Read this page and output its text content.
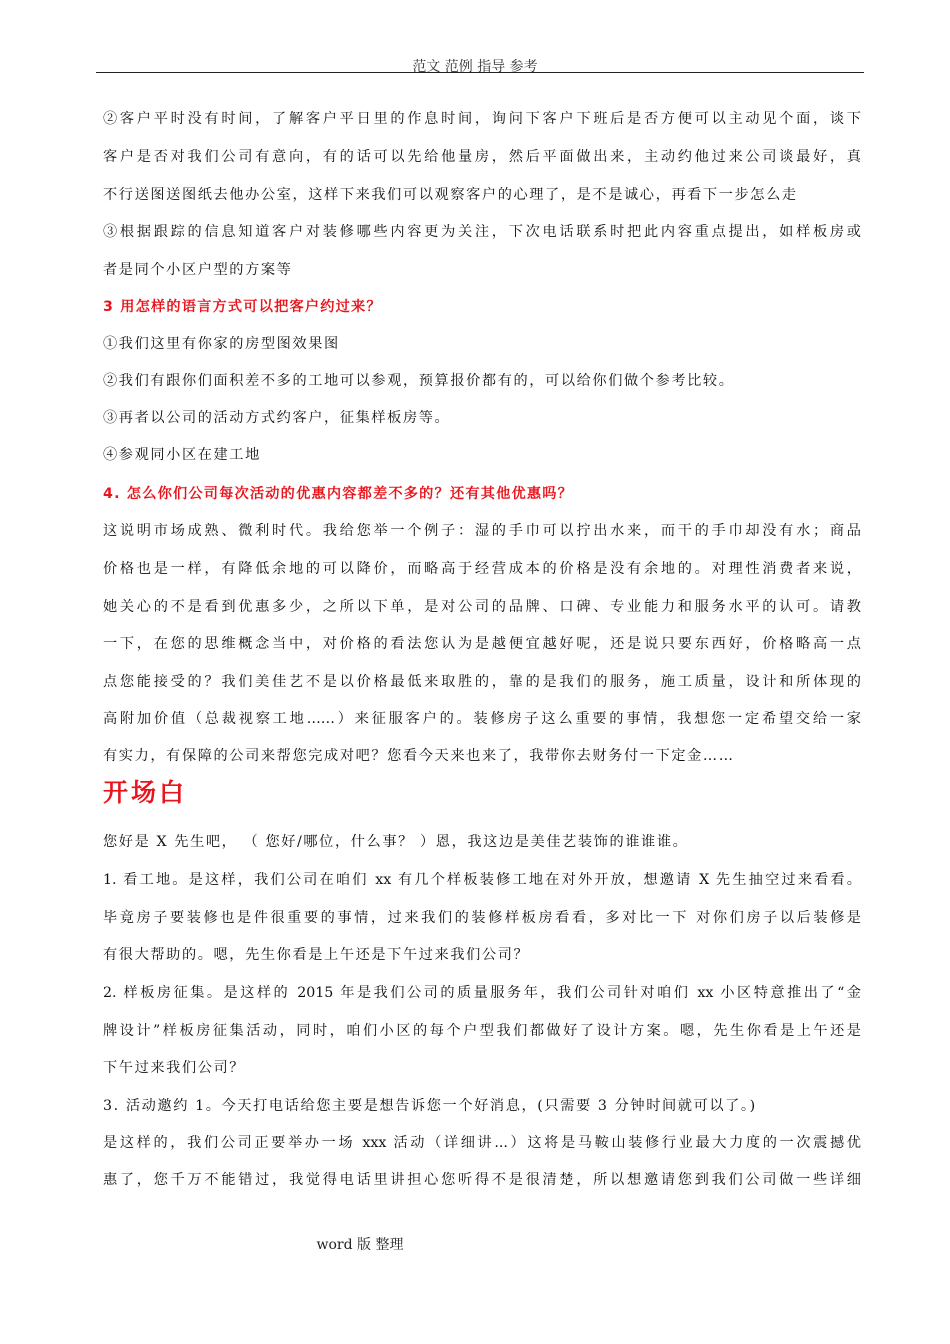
范文 范例 指导 参考
②客户平时没有时间，了解客户平日里的作息时间，询问下客户下班后是否方便可以主动见个面，谈下
客户是否对我们公司有意向，有的话可以先给他量房，然后平面做出来，主动约他过来公司谈最好，真
不行送图送图纸去他办公室，这样下来我们可以观察客户的心理了，是不是诚心，再看下一步怎么走
③根据跟踪的信息知道客户对装修哪些内容更为关注，下次电话联系时把此内容重点提出，如样板房或
者是同个小区户型的方案等
3 用怎样的语言方式可以把客户约过来？
①我们这里有你家的房型图效果图
②我们有跟你们面积差不多的工地可以参观，预算报价都有的，可以给你们做个参考比较。
③再者以公司的活动方式约客户，征集样板房等。
④参观同小区在建工地
4. 怎么你们公司每次活动的优惠内容都差不多的？还有其他优惠吗？
这说明市场成熟、微利时代。我给您举一个例子：湿的手巾可以拧出水来，而干的手巾却没有水；商品
价格也是一样，有降低余地的可以降价，而略高于经营成本的价格是没有余地的。对理性消费者来说，
她关心的不是看到优惠多少，之所以下单，是对公司的品牌、口碑、专业能力和服务水平的认可。请教
一下，在您的思维概念当中，对价格的看法您认为是越便宜越好呢，还是说只要东西好，价格略高一点
点您能接受的？我们美佳艺不是以价格最低来取胜的，靠的是我们的服务，施工质量，设计和所体现的
高附加价值（总裁视察工地……）来征服客户的。装修房子这么重要的事情，我想您一定希望交给一家
有实力，有保障的公司来帮您完成对吧？您看今天来也来了，我带你去财务付一下定金……
开场白
您好是 X 先生吧， （ 您好/哪位，什么事？ ）恩，我这边是美佳艺装饰的谁谁谁。
1. 看工地。是这样，我们公司在咱们 xx 有几个样板装修工地在对外开放，想邀请 X 先生抽空过来看看。
毕竟房子要装修也是件很重要的事情，过来我们的装修样板房看看，多对比一下 对你们房子以后装修是
有很大帮助的。嗯，先生你看是上午还是下午过来我们公司？
2. 样板房征集。是这样的 2015 年是我们公司的质量服务年，我们公司针对咱们 xx 小区特意推出了“金
牌设计”样板房征集活动，同时，咱们小区的每个户型我们都做好了设计方案。嗯，先生你看是上午还是
下午过来我们公司？
3. 活动邀约 1。今天打电话给您主要是想告诉您一个好消息，(只需要 3 分钟时间就可以了。)
是这样的，我们公司正要举办一场 xxx 活动（详细讲...）这将是马鞍山装修行业最大力度的一次震撼优
惠了，您千万不能错过，我觉得电话里讲担心您听得不是很清楚，所以想邀请您到我们公司做一些详细
word 版 整理
